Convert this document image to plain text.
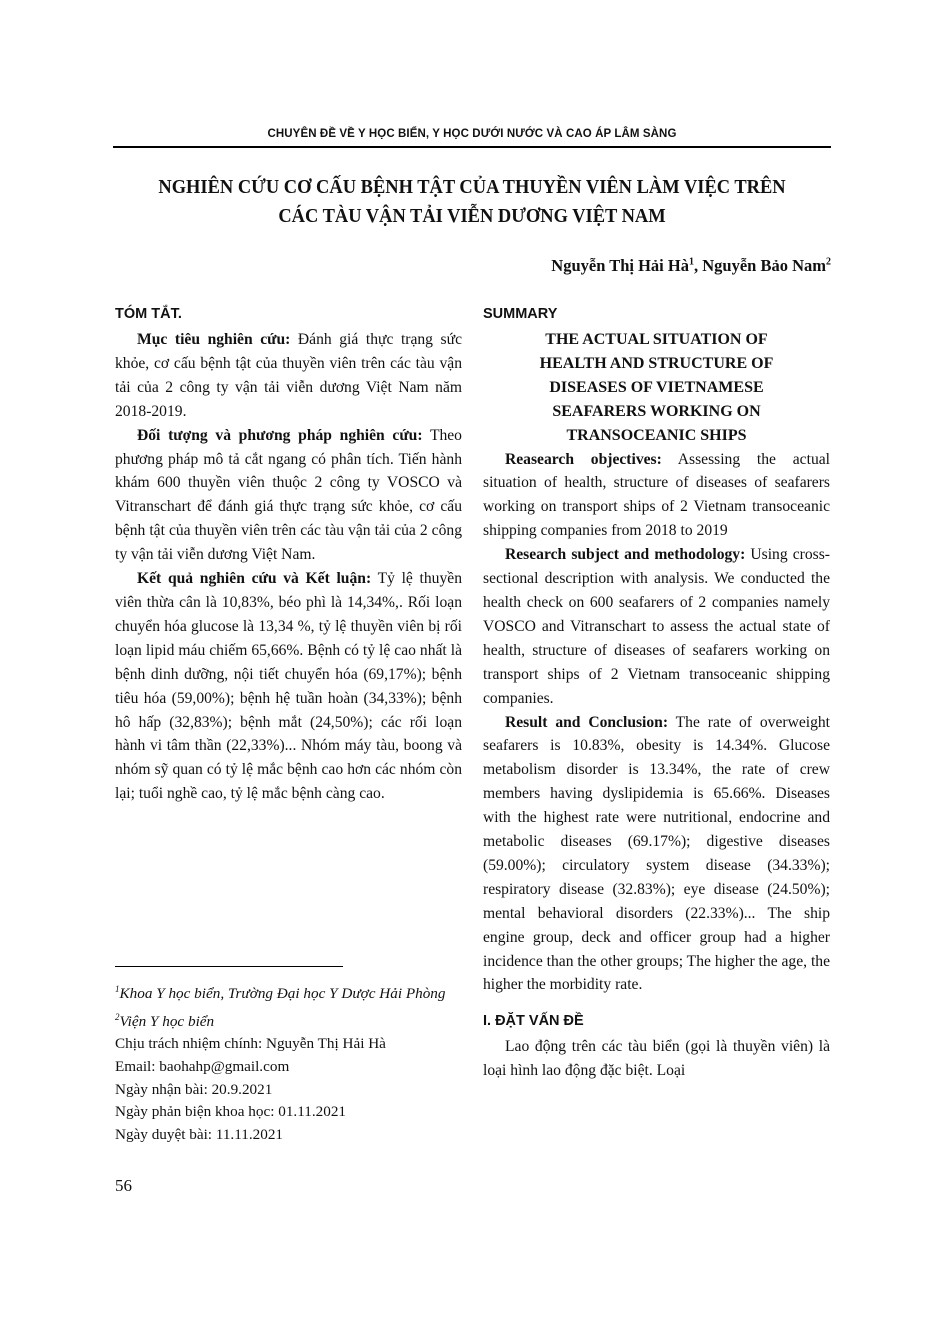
CHUYÊN ĐỀ VỀ Y HỌC BIỂN, Y HỌC DƯỚI NƯỚC VÀ CAO ÁP LÂM SÀNG
NGHIÊN CỨU CƠ CẤU BỆNH TẬT CỦA THUYỀN VIÊN LÀM VIỆC TRÊN
CÁC TÀU VẬN TẢI VIỄN DƯƠNG VIỆT NAM
Nguyễn Thị Hải $Hà^1$, Nguyễn Bảo Nam$^2$
TÓM TẮT.

Mục tiêu nghiên cứu: Đánh giá thực trạng sức khỏe, cơ cấu bệnh tật của thuyền viên trên các tàu vận tải của 2 công ty vận tải viễn dương Việt Nam năm 2018-2019.

Đối tượng và phương pháp nghiên cứu: Theo phương pháp mô tả cắt ngang có phân tích. Tiến hành khám 600 thuyền viên thuộc 2 công ty VOSCO và Vitranschart để đánh giá thực trạng sức khỏe, cơ cấu bệnh tật của thuyền viên trên các tàu vận tải của 2 công ty vận tải viễn dương Việt Nam.

Kết quả nghiên cứu và Kết luận: Tỷ lệ thuyền viên thừa cân là 10,83%, béo phì là 14,34%,. Rối loạn chuyển hóa glucose là 13,34 %, tỷ lệ thuyền viên bị rối loạn lipid máu chiếm 65,66%. Bệnh có tỷ lệ cao nhất là bệnh dinh dưỡng, nội tiết chuyển hóa (69,17%); bệnh tiêu hóa (59,00%); bệnh hệ tuần hoàn (34,33%); bệnh hô hấp (32,83%); bệnh mắt (24,50%); các rối loạn hành vi tâm thần (22,33%)... Nhóm máy tàu, boong và nhóm sỹ quan có tỷ lệ mắc bệnh cao hơn các nhóm còn lại; tuổi nghề cao, tỷ lệ mắc bệnh càng cao.

SUMMARY
THE ACTUAL SITUATION OF
HEALTH AND STRUCTURE OF
DISEASES OF VIETNAMESE
SEAFARERS WORKING ON
TRANSOCEANIC SHIPS

Reasearch objectives: Assessing the actual situation of health, structure of diseases of seafarers working on transport ships of 2 Vietnam transoceanic shipping companies from 2018 to 2019

Research subject and methodology: Using cross-sectional description with analysis. We conducted the health check on 600 seafarers of 2 companies namely VOSCO and Vitranschart to assess the actual state of health, structure of diseases of seafarers working on transport ships of 2 Vietnam transoceanic shipping companies.

Result and Conclusion: The rate of overweight seafarers is 10.83%, obesity is 14.34%. Glucose metabolism disorder is 13.34%, the rate of crew members having dyslipidemia is 65.66%. Diseases with the highest rate were nutritional, endocrine and metabolic diseases (69.17%); digestive diseases (59.00%); circulatory system disease (34.33%); respiratory disease (32.83%); eye disease (24.50%); mental behavioral disorders (22.33%)... The ship engine group, deck and officer group had a higher incidence than the other groups; The higher the age, the higher the morbidity rate.

I. ĐẶT VẤN ĐỀ

Lao động trên các tàu biển (gọi là thuyền viên) là loại hình lao động đặc biệt. Loại

$^1$Khoa Y học biển, Trường Đại học Y Dược Hải Phòng
$^2$Viện Y học biển
Chịu trách nhiệm chính: Nguyễn Thị Hải Hà
Email: baohahp@gmail.com
Ngày nhận bài: 20.9.2021
Ngày phản biện khoa học: 01.11.2021
Ngày duyệt bài: 11.11.2021
56
